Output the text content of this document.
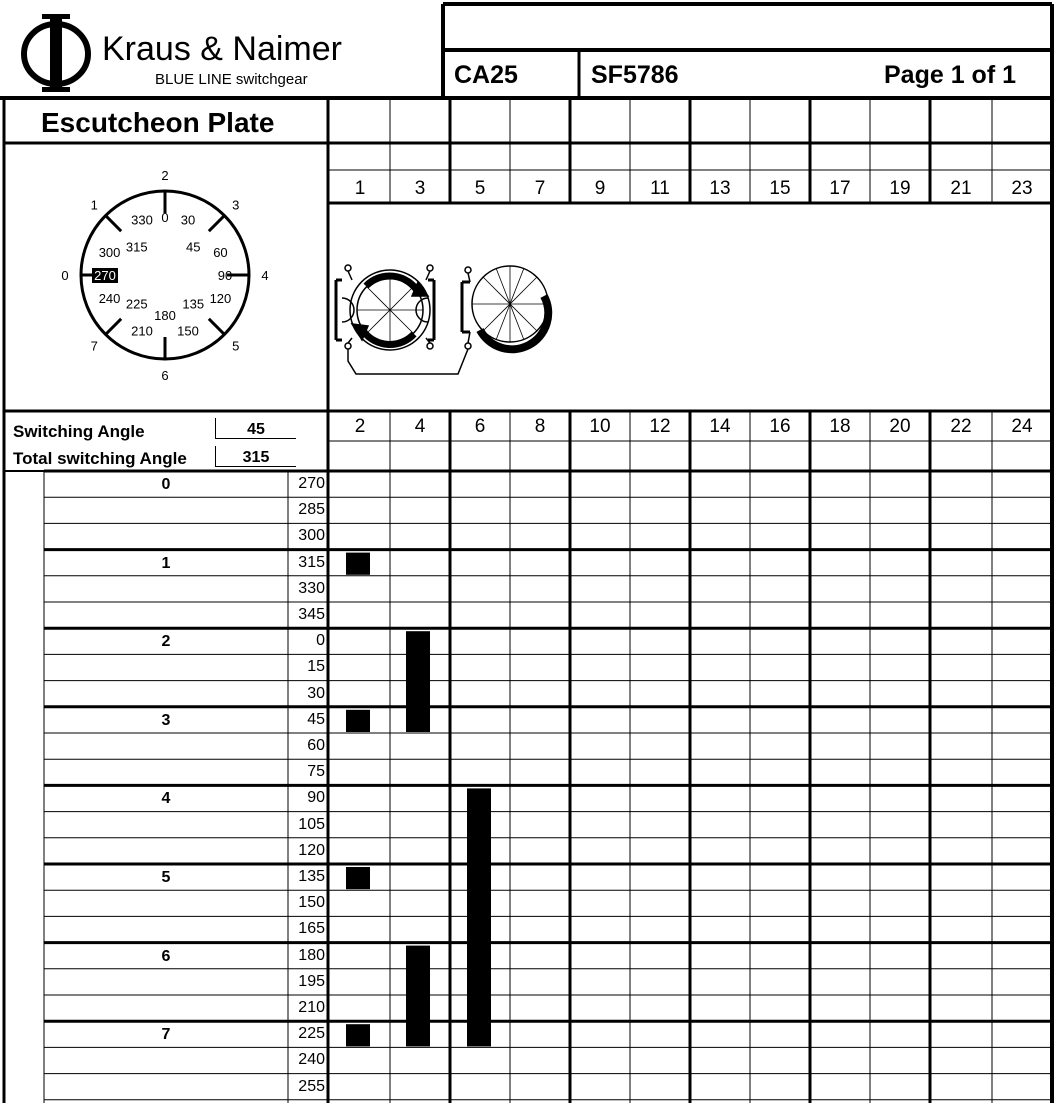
Kraus & Naimer
BLUE LINE switchgear	CA25	SF5786	Page 1 of 1
Escutcheon Plate
0
1
2
3
4
5
6
7
330 30
300	60
270	90
240	120
210 150
0
315	45
225	135
180
1	3	5	7	9	11	13	15	17	19	21	23
2	4	6	8	10	12	14	16	18	20	22	24
Switching Angle	45
Total switching Angle	315
0	270
285
300
1	315
330
345
2	0
15
30
3	45
60
75
4	90
105
120
5	135
150
165
6	180
195
210
7	225
240
255
